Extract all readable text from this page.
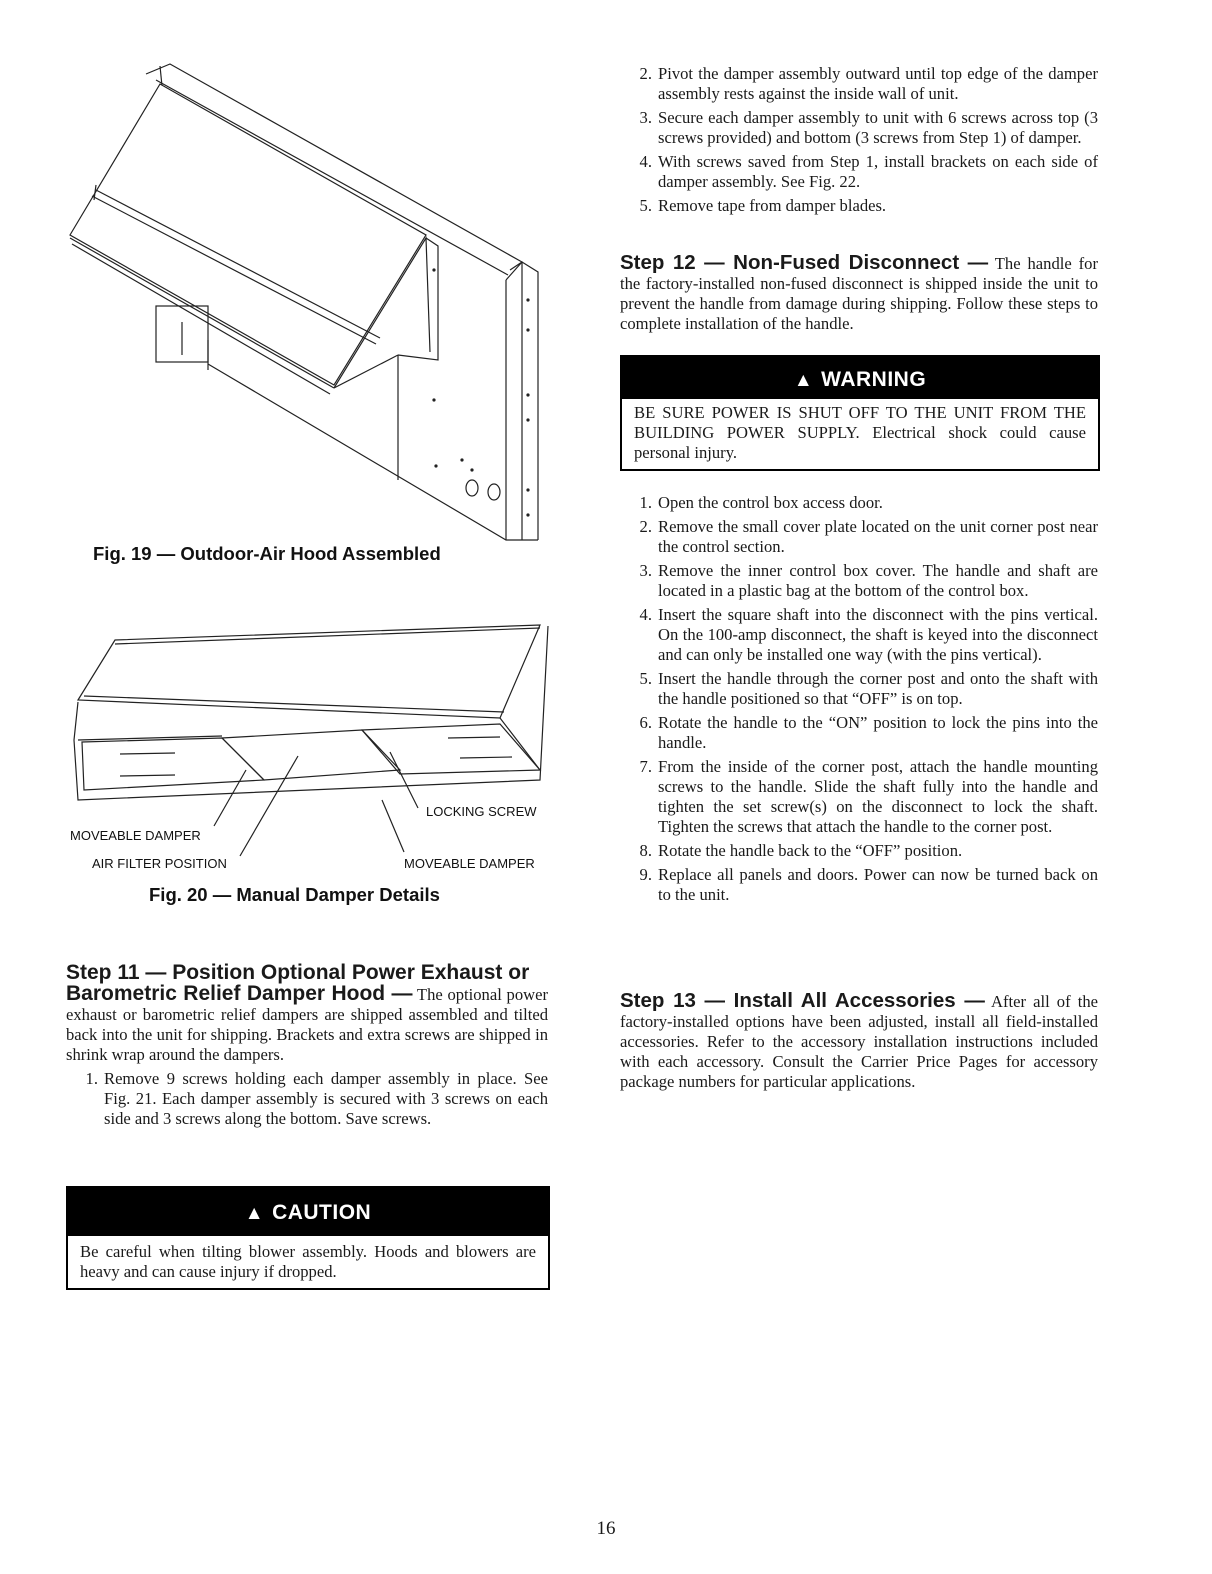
Fig. 19 — Outdoor-Air Hood Assembled
LOCKING SCREW
MOVEABLE DAMPER
AIR FILTER POSITION	MOVEABLE DAMPER
Fig. 20 — Manual Damper Details
Step 11 — Position Optional Power Exhaust or
Barometric Relief Damper Hood — The optional power exhaust or barometric relief dampers are shipped assembled and tilted back into the unit for shipping. Brackets and extra screws are shipped in shrink wrap around the dampers.
1. Remove 9 screws holding each damper assembly in place. See Fig. 21. Each damper assembly is secured with 3 screws on each side and 3 screws along the bottom. Save screws.
▲ CAUTION
Be careful when tilting blower assembly. Hoods and blowers are heavy and can cause injury if dropped.
2. Pivot the damper assembly outward until top edge of the damper assembly rests against the inside wall of unit.
3. Secure each damper assembly to unit with 6 screws across top (3 screws provided) and bottom (3 screws from Step 1) of damper.
4. With screws saved from Step 1, install brackets on each side of damper assembly. See Fig. 22.
5. Remove tape from damper blades.
Step 12 — Non-Fused Disconnect — The handle for the factory-installed non-fused disconnect is shipped inside the unit to prevent the handle from damage during shipping. Follow these steps to complete installation of the handle.
▲ WARNING
BE SURE POWER IS SHUT OFF TO THE UNIT FROM THE BUILDING POWER SUPPLY. Electrical shock could cause personal injury.
1. Open the control box access door.
2. Remove the small cover plate located on the unit corner post near the control section.
3. Remove the inner control box cover. The handle and shaft are located in a plastic bag at the bottom of the control box.
4. Insert the square shaft into the disconnect with the pins vertical. On the 100-amp disconnect, the shaft is keyed into the disconnect and can only be installed one way (with the pins vertical).
5. Insert the handle through the corner post and onto the shaft with the handle positioned so that “OFF” is on top.
6. Rotate the handle to the “ON” position to lock the pins into the handle.
7. From the inside of the corner post, attach the handle mounting screws to the handle. Slide the shaft fully into the handle and tighten the set screw(s) on the disconnect to lock the shaft. Tighten the screws that attach the handle to the corner post.
8. Rotate the handle back to the “OFF” position.
9. Replace all panels and doors. Power can now be turned back on to the unit.
Step 13 — Install All Accessories — After all of the factory-installed options have been adjusted, install all field-installed accessories. Refer to the accessory installation instructions included with each accessory. Consult the Carrier Price Pages for accessory package numbers for particular applications.
16
